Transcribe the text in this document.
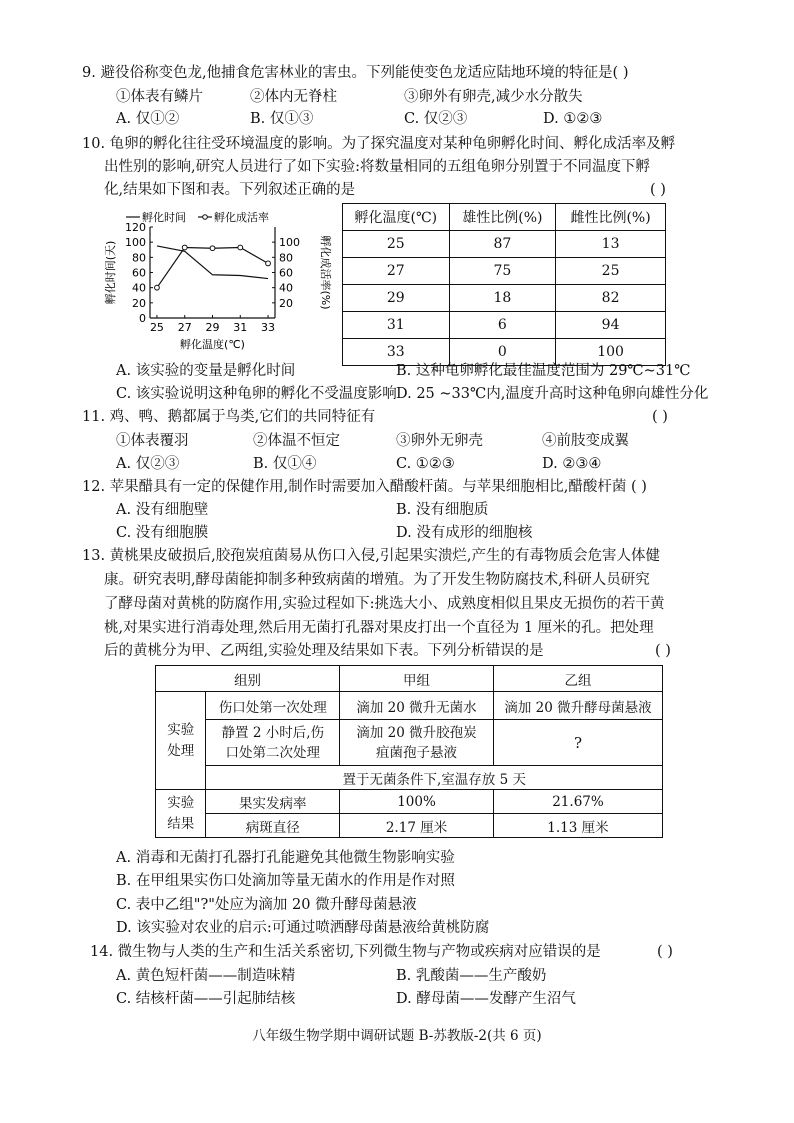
9. 避役俗称变色龙,他捕食危害林业的害虫。下列能使变色龙适应陆地环境的特征是( )
①体表有鳞片	②体内无脊柱	③卵外有卵壳,减少水分散失
A. 仅①②	B. 仅①③	C. 仅②③	D. ①②③
10. 龟卵的孵化往往受环境温度的影响。为了探究温度对某种龟卵孵化时间、孵化成活率及孵
出性别的影响,研究人员进行了如下实验:将数量相同的五组龟卵分别置于不同温度下孵
化,结果如下图和表。下列叙述正确的是	( )
孵化时间	孵化成活率
0
20
40
60
80
100
120
20
40
60
80
100
25 27 29 31 33
孵化温度(℃)
孵化时间(天)	孵化成活率(%)
孵化温度(℃)	雄性比例(%)	雌性比例(%)
25	87	13
27	75	25
29	18	82
31	6	94
33	0	100
A. 该实验的变量是孵化时间	B. 这种龟卵孵化最佳温度范围为 29℃~31℃
C. 该实验说明这种龟卵的孵化不受温度影响 D. 25 ~33℃内,温度升高时这种龟卵向雄性分化
11. 鸡、鸭、鹅都属于鸟类,它们的共同特征有	( )
①体表覆羽	②体温不恒定	③卵外无卵壳	④前肢变成翼
A. 仅②③	B. 仅①④	C. ①②③	D. ②③④
12. 苹果醋具有一定的保健作用,制作时需要加入醋酸杆菌。与苹果细胞相比,醋酸杆菌 ( )
A. 没有细胞壁	B. 没有细胞质
C. 没有细胞膜	D. 没有成形的细胞核
13. 黄桃果皮破损后,胶孢炭疽菌易从伤口入侵,引起果实溃烂,产生的有毒物质会危害人体健
康。研究表明,酵母菌能抑制多种致病菌的增殖。为了开发生物防腐技术,科研人员研究
了酵母菌对黄桃的防腐作用,实验过程如下:挑选大小、成熟度相似且果皮无损伤的若干黄
桃,对果实进行消毒处理,然后用无菌打孔器对果皮打出一个直径为 1 厘米的孔。把处理
后的黄桃分为甲、乙两组,实验处理及结果如下表。下列分析错误的是	( )
组别		甲组	乙组
实验处理	伤口处第一次处理	滴加 20 微升无菌水	滴加 20 微升酵母菌悬液
	静置 2 小时后,伤口处第二次处理	滴加 20 微升胶孢炭疽菌孢子悬液	?
	置于无菌条件下,室温存放 5 天		
实验结果	果实发病率	100%	21.67%
	病斑直径	2.17 厘米	1.13 厘米
A. 消毒和无菌打孔器打孔能避免其他微生物影响实验
B. 在甲组果实伤口处滴加等量无菌水的作用是作对照
C. 表中乙组"?"处应为滴加 20 微升酵母菌悬液
D. 该实验对农业的启示:可通过喷洒酵母菌悬液给黄桃防腐
14. 微生物与人类的生产和生活关系密切,下列微生物与产物或疾病对应错误的是	( )
A. 黄色短杆菌——制造味精	B. 乳酸菌——生产酸奶
C. 结核杆菌——引起肺结核	D. 酵母菌——发酵产生沼气
八年级生物学期中调研试题 B-苏教版-2(共 6 页)
